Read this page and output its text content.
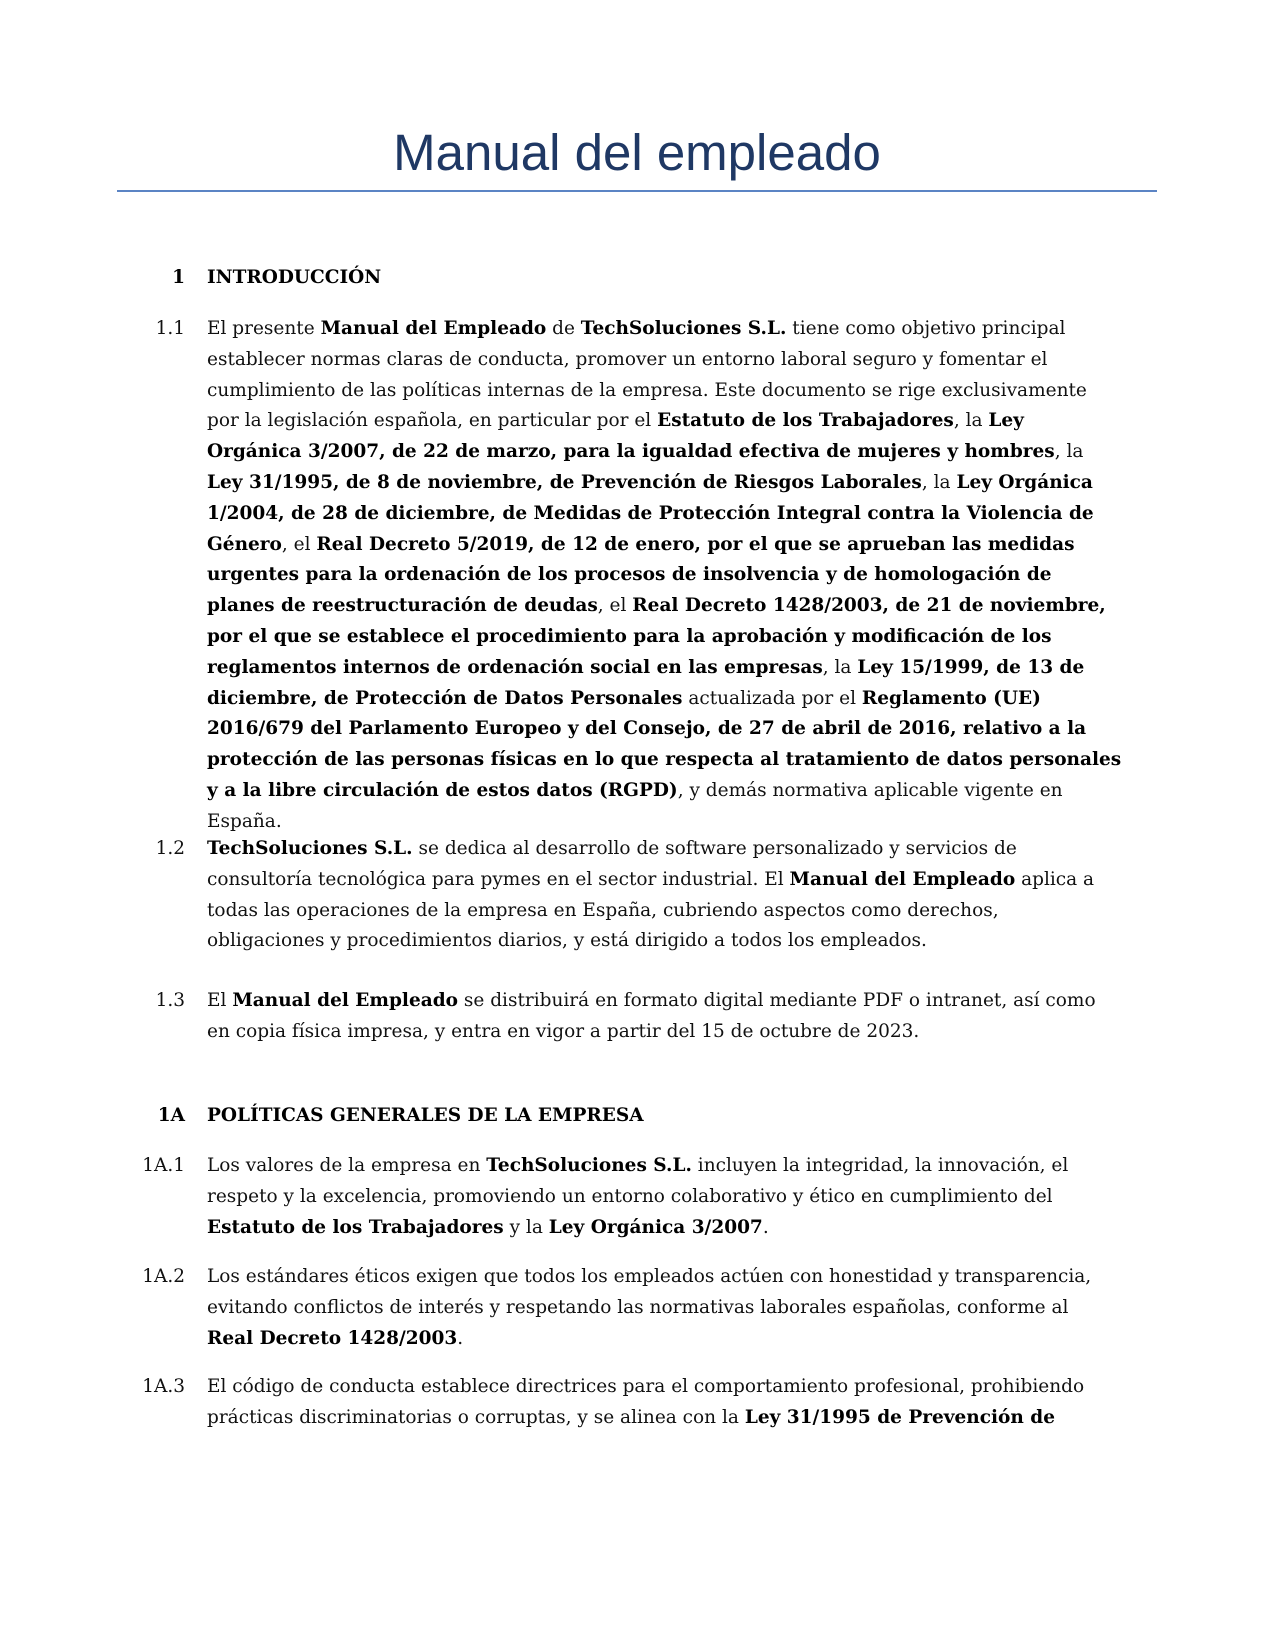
Manual del empleado
1 INTRODUCCIÓN
1.1 El presente Manual del Empleado de TechSoluciones S.L. tiene como objetivo principal
establecer normas claras de conducta, promover un entorno laboral seguro y fomentar el
cumplimiento de las políticas internas de la empresa. Este documento se rige exclusivamente
por la legislación española, en particular por el Estatuto de los Trabajadores, la Ley
Orgánica 3/2007, de 22 de marzo, para la igualdad efectiva de mujeres y hombres, la
Ley 31/1995, de 8 de noviembre, de Prevención de Riesgos Laborales, la Ley Orgánica
1/2004, de 28 de diciembre, de Medidas de Protección Integral contra la Violencia de
Género, el Real Decreto 5/2019, de 12 de enero, por el que se aprueban las medidas
urgentes para la ordenación de los procesos de insolvencia y de homologación de
planes de reestructuración de deudas, el Real Decreto 1428/2003, de 21 de noviembre,
por el que se establece el procedimiento para la aprobación y modificación de los
reglamentos internos de ordenación social en las empresas, la Ley 15/1999, de 13 de
diciembre, de Protección de Datos Personales actualizada por el Reglamento (UE)
2016/679 del Parlamento Europeo y del Consejo, de 27 de abril de 2016, relativo a la
protección de las personas físicas en lo que respecta al tratamiento de datos personales
y a la libre circulación de estos datos (RGPD), y demás normativa aplicable vigente en
España.
1.2 TechSoluciones S.L. se dedica al desarrollo de software personalizado y servicios de
consultoría tecnológica para pymes en el sector industrial. El Manual del Empleado aplica a
todas las operaciones de la empresa en España, cubriendo aspectos como derechos,
obligaciones y procedimientos diarios, y está dirigido a todos los empleados.
1.3 El Manual del Empleado se distribuirá en formato digital mediante PDF o intranet, así como
en copia física impresa, y entra en vigor a partir del 15 de octubre de 2023.
1A POLÍTICAS GENERALES DE LA EMPRESA
1A.1 Los valores de la empresa en TechSoluciones S.L. incluyen la integridad, la innovación, el
respeto y la excelencia, promoviendo un entorno colaborativo y ético en cumplimiento del
Estatuto de los Trabajadores y la Ley Orgánica 3/2007.
1A.2 Los estándares éticos exigen que todos los empleados actúen con honestidad y transparencia,
evitando conflictos de interés y respetando las normativas laborales españolas, conforme al
Real Decreto 1428/2003.
1A.3 El código de conducta establece directrices para el comportamiento profesional, prohibiendo
prácticas discriminatorias o corruptas, y se alinea con la Ley 31/1995 de Prevención de
